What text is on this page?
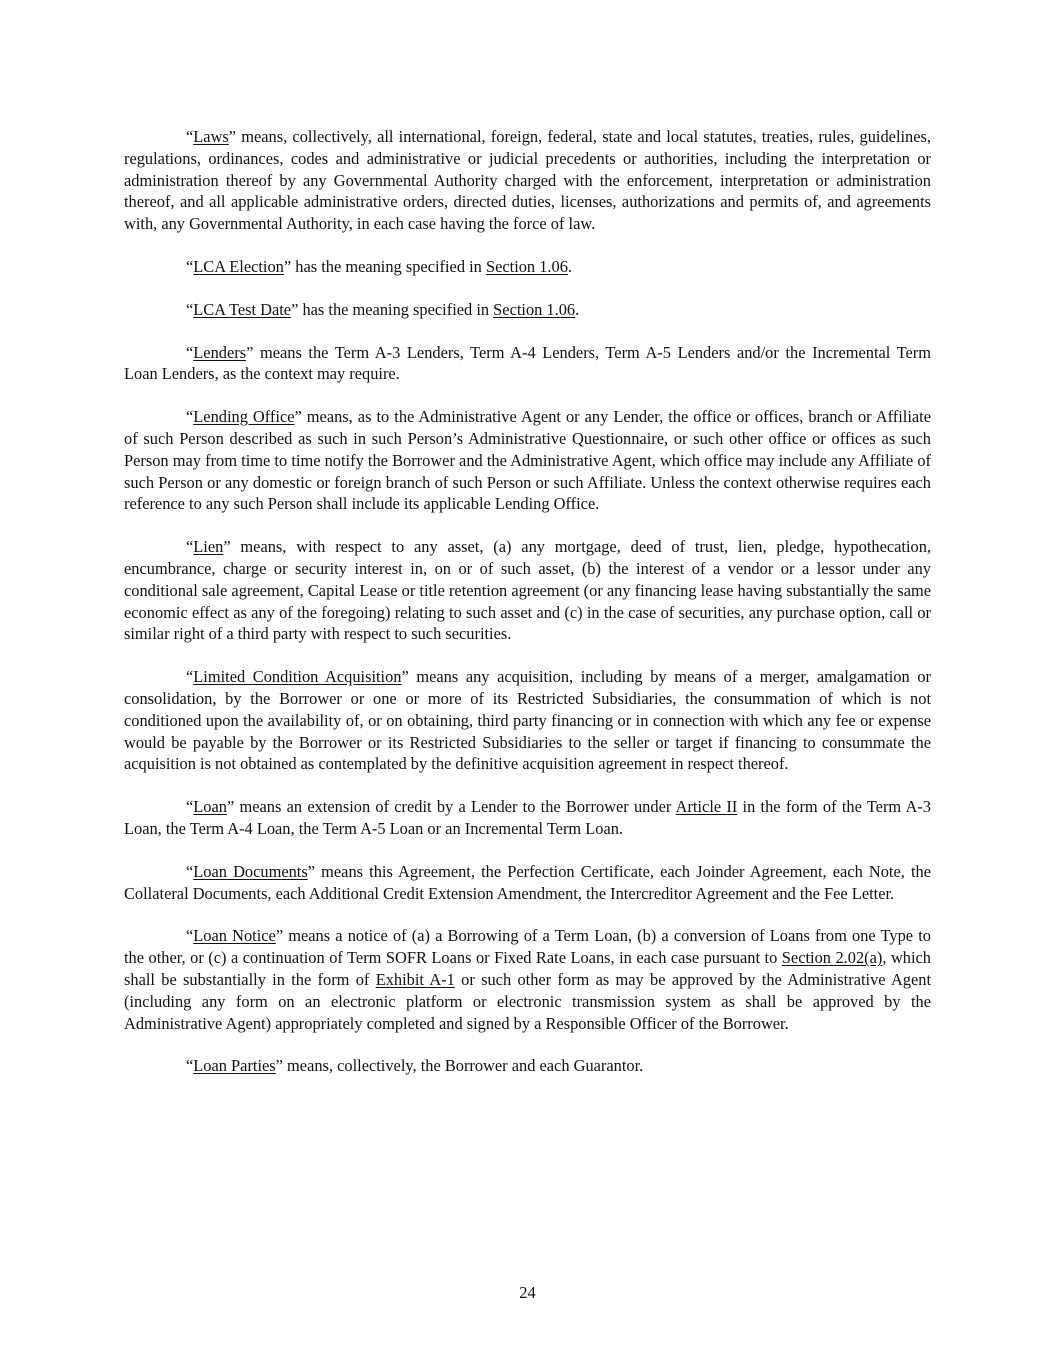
“Laws” means, collectively, all international, foreign, federal, state and local statutes, treaties, rules, guidelines, regulations, ordinances, codes and administrative or judicial precedents or authorities, including the interpretation or administration thereof by any Governmental Authority charged with the enforcement, interpretation or administration thereof, and all applicable administrative orders, directed duties, licenses, authorizations and permits of, and agreements with, any Governmental Authority, in each case having the force of law.

“LCA Election” has the meaning specified in Section 1.06.

“LCA Test Date” has the meaning specified in Section 1.06.

“Lenders” means the Term A-3 Lenders, Term A-4 Lenders, Term A-5 Lenders and/or the Incremental Term Loan Lenders, as the context may require.

“Lending Office” means, as to the Administrative Agent or any Lender, the office or offices, branch or Affiliate of such Person described as such in such Person’s Administrative Questionnaire, or such other office or offices as such Person may from time to time notify the Borrower and the Administrative Agent, which office may include any Affiliate of such Person or any domestic or foreign branch of such Person or such Affiliate. Unless the context otherwise requires each reference to any such Person shall include its applicable Lending Office.

“Lien” means, with respect to any asset, (a) any mortgage, deed of trust, lien, pledge, hypothecation, encumbrance, charge or security interest in, on or of such asset, (b) the interest of a vendor or a lessor under any conditional sale agreement, Capital Lease or title retention agreement (or any financing lease having substantially the same economic effect as any of the foregoing) relating to such asset and (c) in the case of securities, any purchase option, call or similar right of a third party with respect to such securities.

“Limited Condition Acquisition” means any acquisition, including by means of a merger, amalgamation or consolidation, by the Borrower or one or more of its Restricted Subsidiaries, the consummation of which is not conditioned upon the availability of, or on obtaining, third party financing or in connection with which any fee or expense would be payable by the Borrower or its Restricted Subsidiaries to the seller or target if financing to consummate the acquisition is not obtained as contemplated by the definitive acquisition agreement in respect thereof.

“Loan” means an extension of credit by a Lender to the Borrower under Article II in the form of the Term A-3 Loan, the Term A-4 Loan, the Term A-5 Loan or an Incremental Term Loan.

“Loan Documents” means this Agreement, the Perfection Certificate, each Joinder Agreement, each Note, the Collateral Documents, each Additional Credit Extension Amendment, the Intercreditor Agreement and the Fee Letter.

“Loan Notice” means a notice of (a) a Borrowing of a Term Loan, (b) a conversion of Loans from one Type to the other, or (c) a continuation of Term SOFR Loans or Fixed Rate Loans, in each case pursuant to Section 2.02(a), which shall be substantially in the form of Exhibit A-1 or such other form as may be approved by the Administrative Agent (including any form on an electronic platform or electronic transmission system as shall be approved by the Administrative Agent) appropriately completed and signed by a Responsible Officer of the Borrower.

“Loan Parties” means, collectively, the Borrower and each Guarantor.

24
